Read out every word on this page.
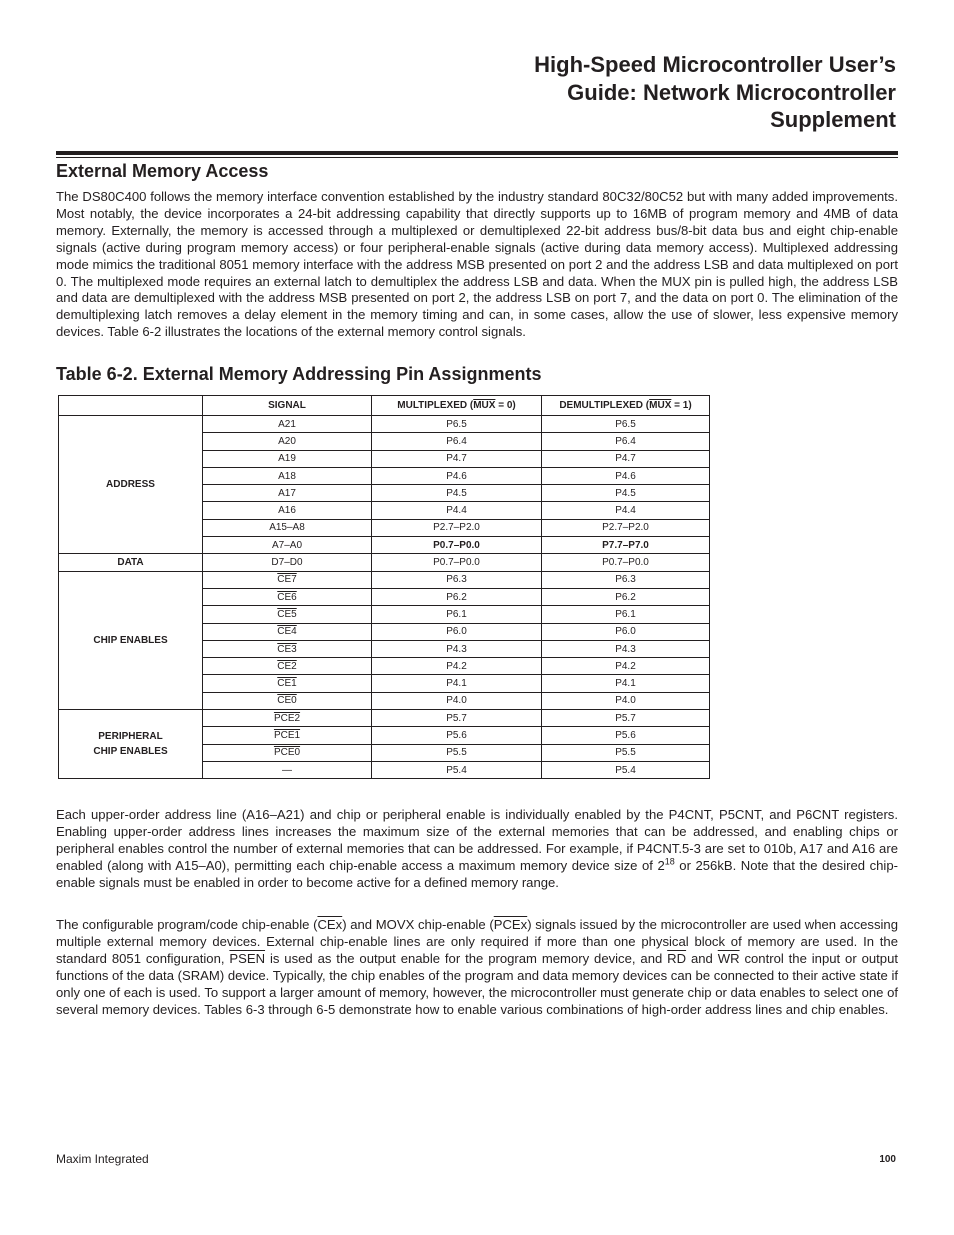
High-Speed Microcontroller User’s
Guide: Network Microcontroller
Supplement
External Memory Access
The DS80C400 follows the memory interface convention established by the industry standard 80C32/80C52 but with many added improvements. Most notably, the device incorporates a 24-bit addressing capability that directly supports up to 16MB of program memory and 4MB of data memory. Externally, the memory is accessed through a multiplexed or demultiplexed 22-bit address bus/8-bit data bus and eight chip-enable signals (active during program memory access) or four peripheral-enable signals (active during data memory access). Multiplexed addressing mode mimics the traditional 8051 memory interface with the address MSB presented on port 2 and the address LSB and data multiplexed on port 0. The multiplexed mode requires an external latch to demultiplex the address LSB and data. When the MUX pin is pulled high, the address LSB and data are demultiplexed with the address MSB presented on port 2, the address LSB on port 7, and the data on port 0. The elimination of the demultiplexing latch removes a delay element in the memory timing and can, in some cases, allow the use of slower, less expensive memory devices. Table 6-2 illustrates the locations of the external memory control signals.
Table 6-2. External Memory Addressing Pin Assignments
	SIGNAL	MULTIPLEXED $(\overline{MUX} = 0)$	DEMULTIPLEXED $(\overline{MUX} = 1)$
ADDRESS	A21	P6.5	P6.5
	A20	P6.4	P6.4
	A19	P4.7	P4.7
	A18	P4.6	P4.6
	A17	P4.5	P4.5
	A16	P4.4	P4.4
	A15–A8	P2.7–P2.0	P2.7–P2.0
	A7–A0	P0.7–P0.0	P7.7–P7.0
DATA	D7–D0	P0.7–P0.0	P0.7–P0.0
CHIP ENABLES	CE7	P6.3	P6.3
	CE6	P6.2	P6.2
	CE5	P6.1	P6.1
	CE4	P6.0	P6.0
	CE3	P4.3	P4.3
	CE2	P4.2	P4.2
	CE1	P4.1	P4.1
	CE0	P4.0	P4.0
PERIPHERAL
CHIP ENABLES	PCE2	P5.7	P5.7
	PCE1	P5.6	P5.6
	PCE0	P5.5	P5.5
	—	P5.4	P5.4
Each upper-order address line (A16–A21) and chip or peripheral enable is individually enabled by the P4CNT, P5CNT, and P6CNT registers. Enabling upper-order address lines increases the maximum size of the external memories that can be addressed, and enabling chips or peripheral enables control the number of external memories that can be addressed. For example, if P4CNT.5-3 are set to 010b, A17 and A16 are enabled (along with A15–A0), permitting each chip-enable access a maximum memory device size of $2^{18}$ or 256kB. Note that the desired chip-enable signals must be enabled in order to become active for a defined memory range.
The configurable program/code chip-enable $(\overline{CEx})$ and MOVX chip-enable (PCEx) signals issued by the microcontroller are used when accessing multiple external memory devices. External chip-enable lines are only required if more than one physical block of memory are used. In the standard 8051 configuration, PSEN is used as the output enable for the program memory device, and $\overline{RD}$ and $\overline{WR}$ control the input or output functions of the data (SRAM) device. Typically, the chip enables of the program and data memory devices can be connected to their active state if only one of each is used. To support a larger amount of memory, however, the microcontroller must generate chip or data enables to select one of several memory devices. Tables 6-3 through 6-5 demonstrate how to enable various combinations of high-order address lines and chip enables.
Maxim Integrated	100
